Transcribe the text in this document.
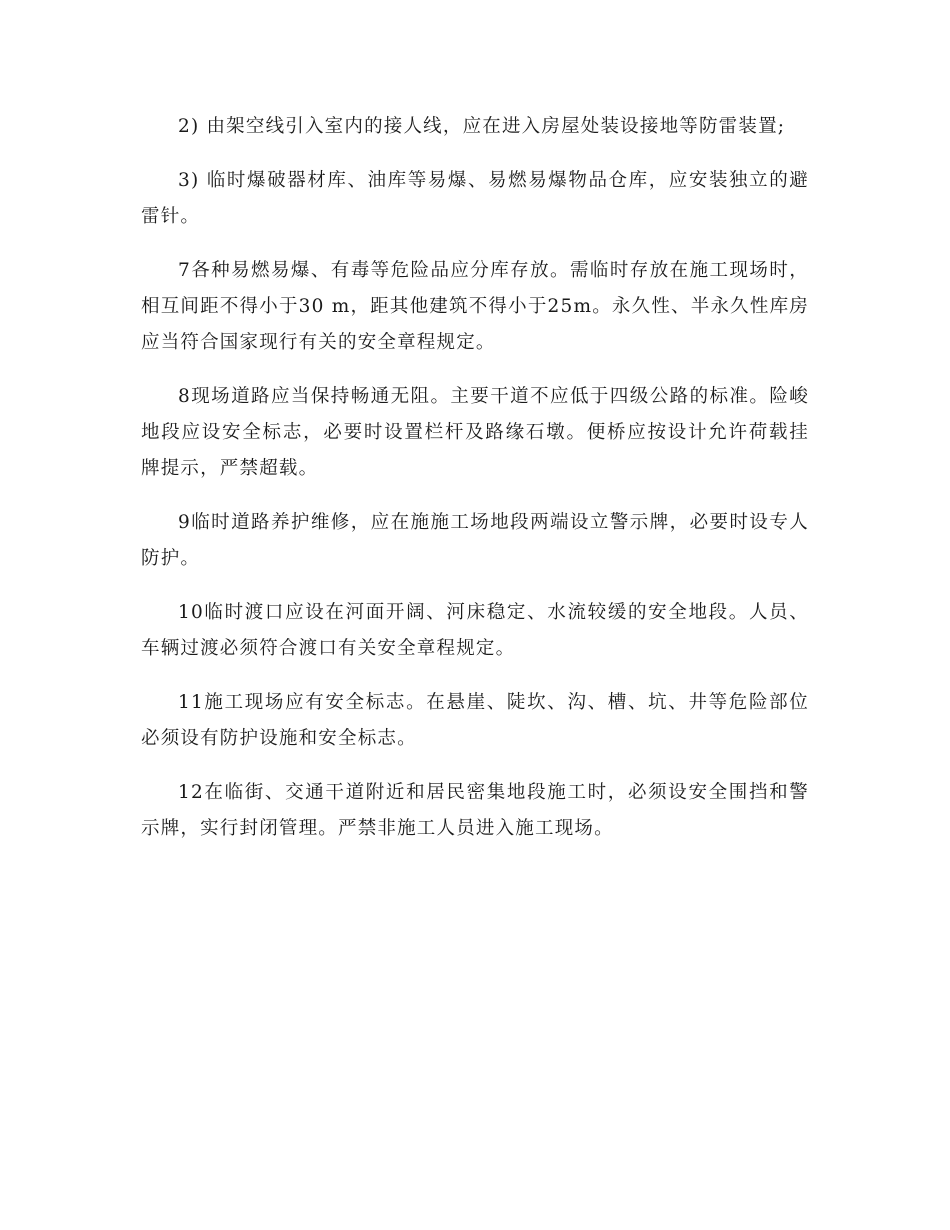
2) 由架空线引入室内的接人线，应在进入房屋处装设接地等防雷装置;

3) 临时爆破器材库、油库等易爆、易燃易爆物品仓库，应安装独立的避雷针。

7各种易燃易爆、有毒等危险品应分库存放。需临时存放在施工现场时，相互间距不得小于30 m，距其他建筑不得小于25m。永久性、半永久性库房应当符合国家现行有关的安全章程规定。

8现场道路应当保持畅通无阻。主要干道不应低于四级公路的标准。险峻地段应设安全标志，必要时设置栏杆及路缘石墩。便桥应按设计允许荷载挂牌提示，严禁超载。

9临时道路养护维修，应在施施工场地段两端设立警示牌，必要时设专人防护。

10临时渡口应设在河面开阔、河床稳定、水流较缓的安全地段。人员、车辆过渡必须符合渡口有关安全章程规定。

11施工现场应有安全标志。在悬崖、陡坎、沟、槽、坑、井等危险部位必须设有防护设施和安全标志。

12在临街、交通干道附近和居民密集地段施工时，必须设安全围挡和警示牌，实行封闭管理。严禁非施工人员进入施工现场。
